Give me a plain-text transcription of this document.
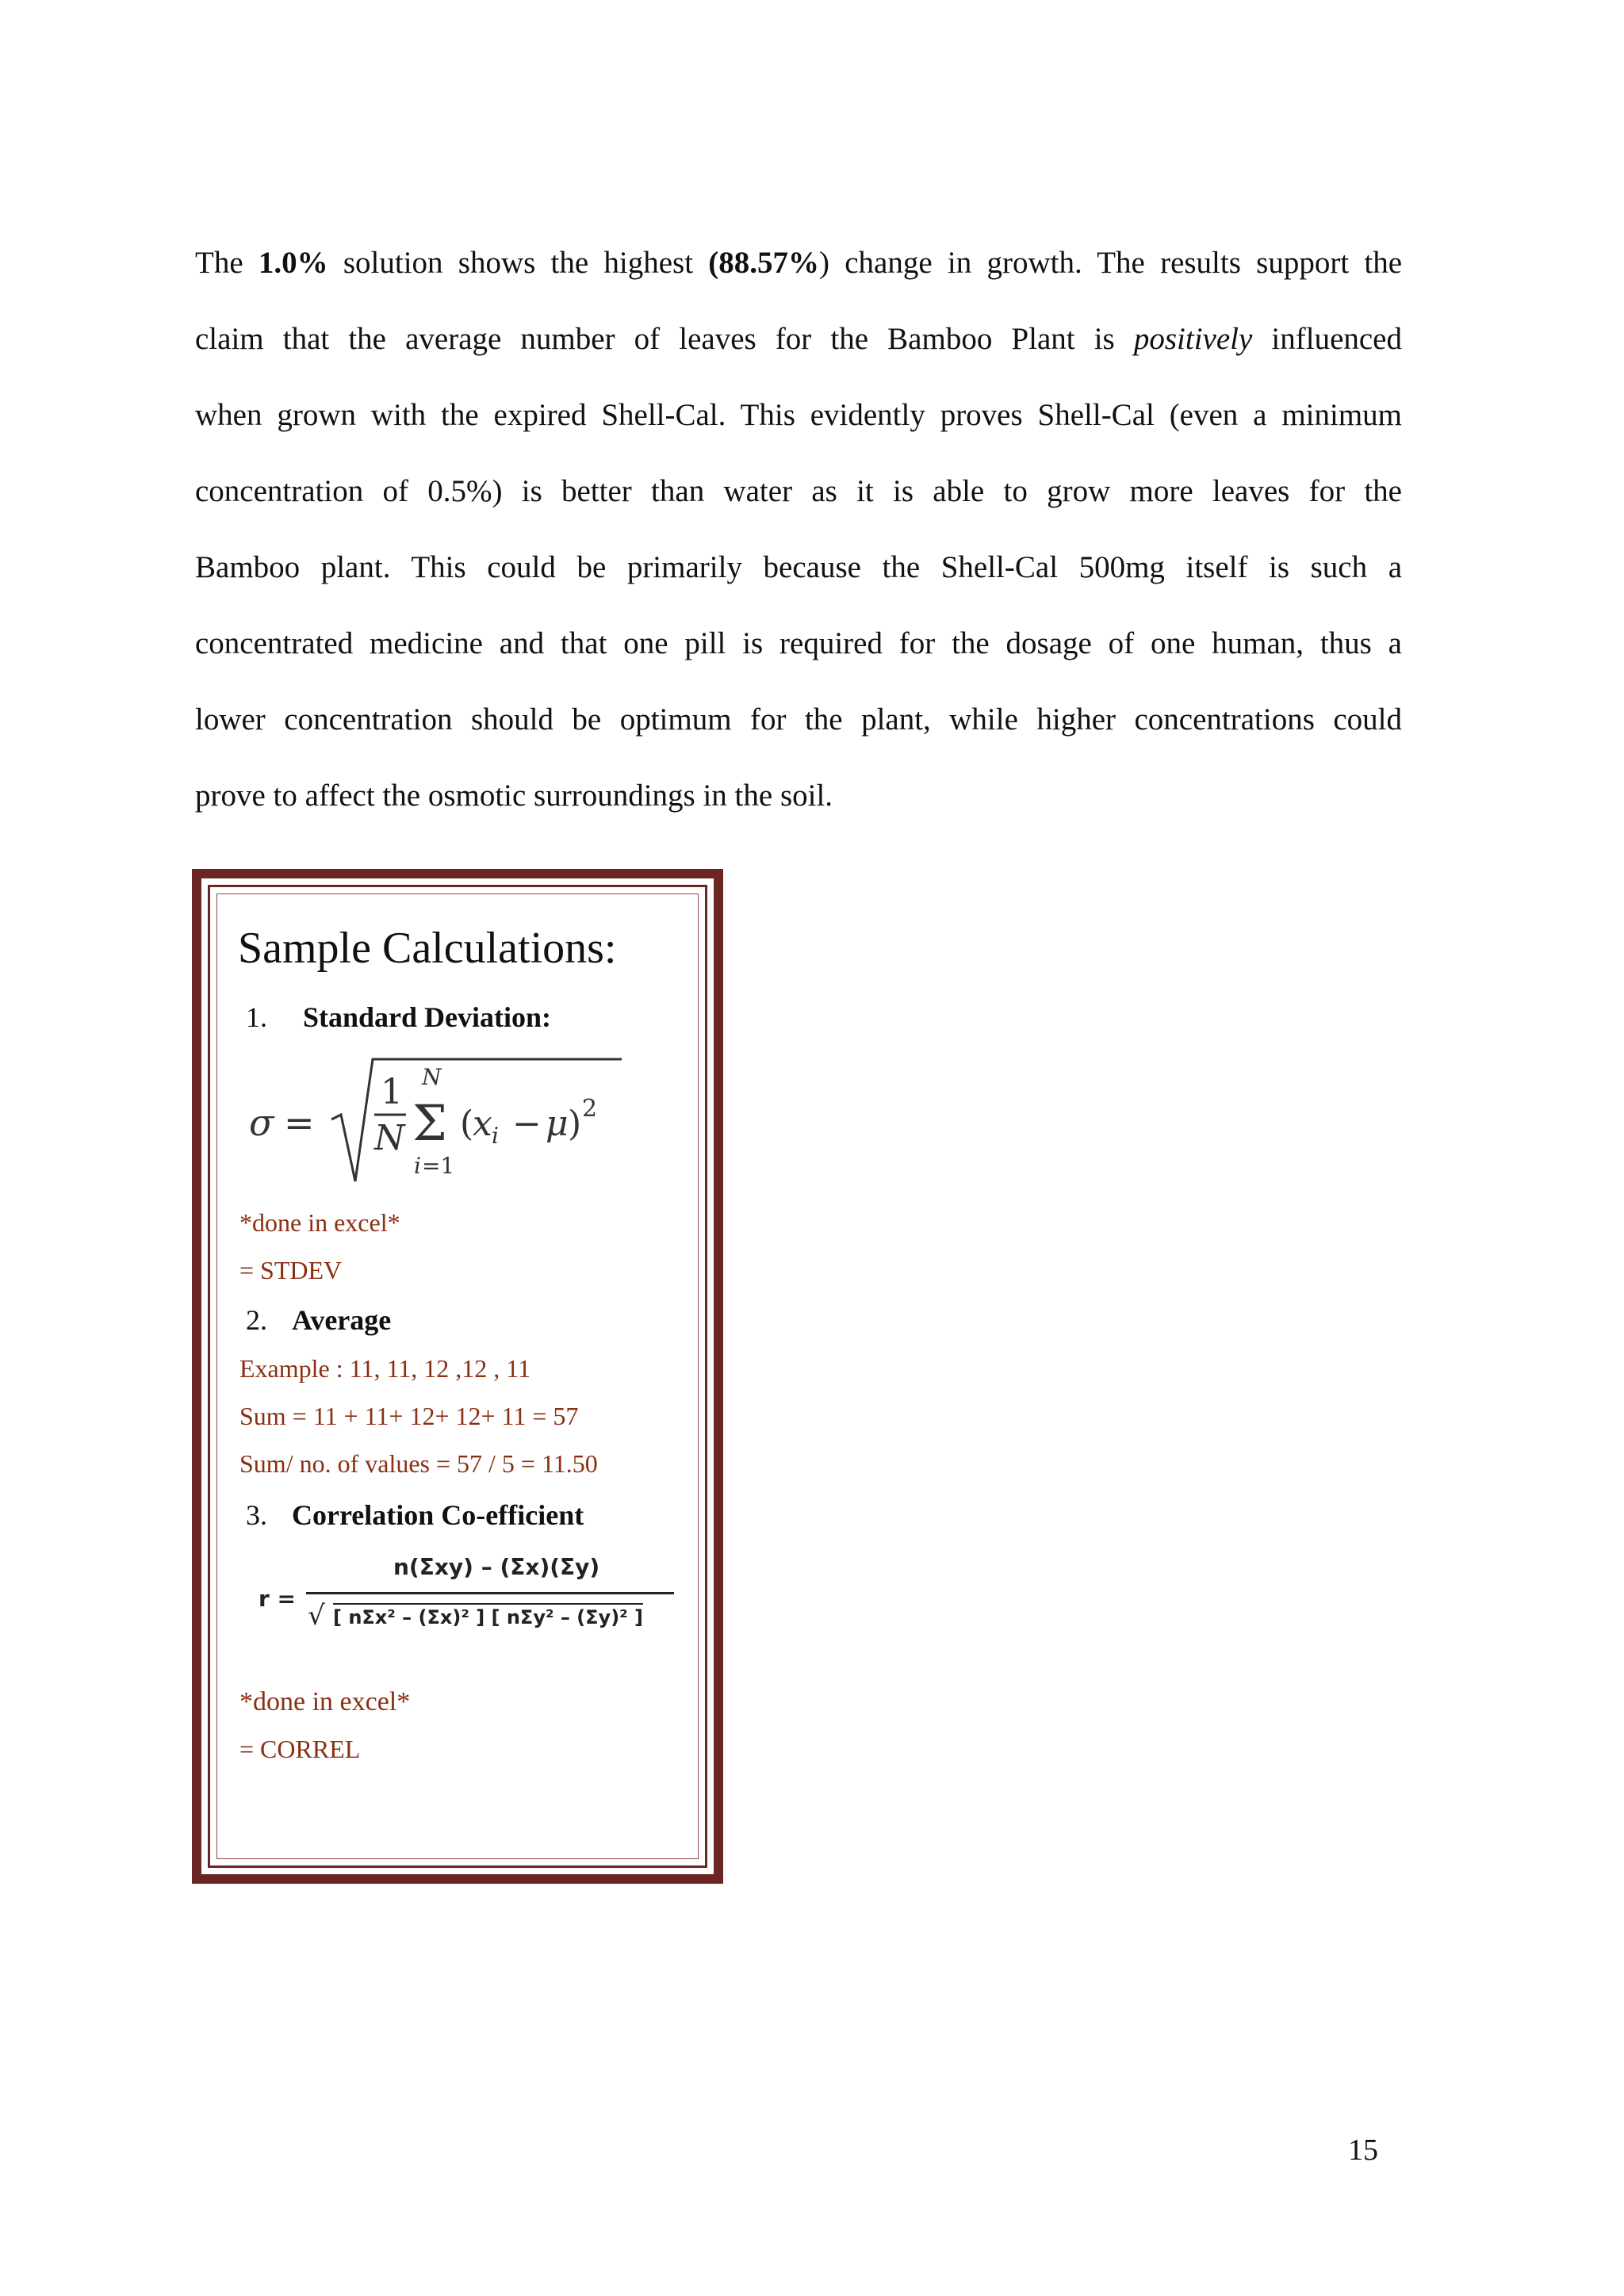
The 1.0% solution shows the highest (88.57%) change in growth. The results support the
claim that the average number of leaves for the Bamboo Plant is positively influenced
when grown with the expired Shell-Cal. This evidently proves Shell-Cal (even a minimum
concentration of 0.5%) is better than water as it is able to grow more leaves for the
Bamboo plant. This could be primarily because the Shell-Cal 500mg itself is such a
concentrated medicine and that one pill is required for the dosage of one human, thus a
lower concentration should be optimum for the plant, while higher concentrations could
prove to affect the osmotic surroundings in the soil.
Sample Calculations:
1. Standard Deviation:
σ =
1
N
N
Σ
i =1
(
x i − μ ) 2
*done in excel*
= STDEV
2. Average
Example : 11, 11, 12 ,12 , 11
Sum = 11 + 11+ 12+ 12+ 11 = 57
Sum/ no. of values = 57 / 5 = 11.50
3. Correlation Co-efficient
r =
n(Σxy) – (Σx)(Σy)
√ [ nΣx² – (Σx)² ] [ nΣy² – (Σy)² ]
*done in excel*
= CORREL
15
